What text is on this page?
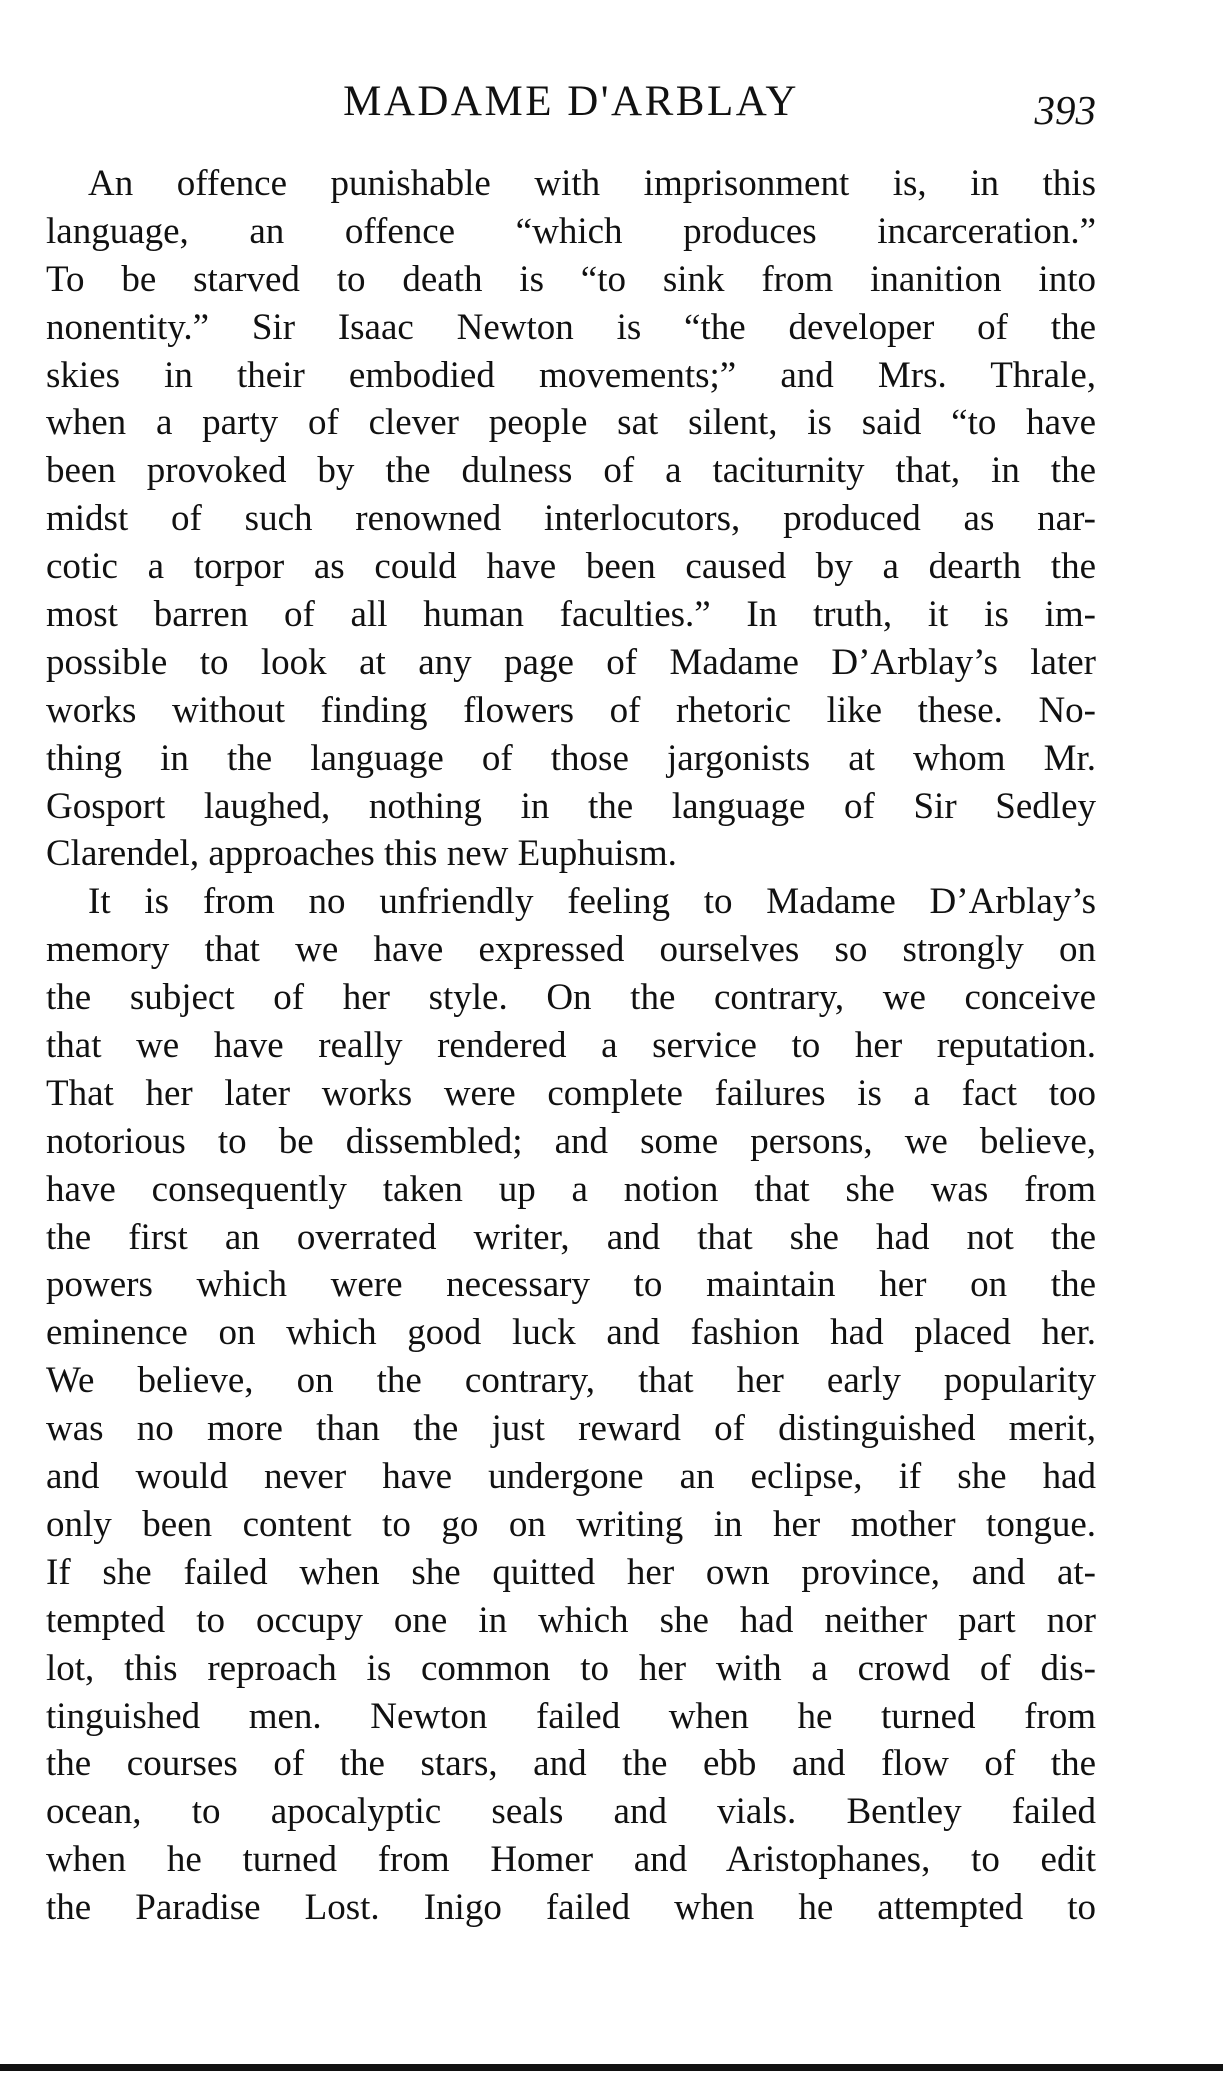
MADAME D'ARBLAY	393
An offence punishable with imprisonment is, in this
language, an offence “which produces incarceration.”
To be starved to death is “to sink from inanition into
nonentity.” Sir Isaac Newton is “the developer of the
skies in their embodied movements;” and Mrs. Thrale,
when a party of clever people sat silent, is said “to have
been provoked by the dulness of a taciturnity that, in the
midst of such renowned interlocutors, produced as nar-
cotic a torpor as could have been caused by a dearth the
most barren of all human faculties.” In truth, it is im-
possible to look at any page of Madame D’Arblay’s later
works without finding flowers of rhetoric like these. No-
thing in the language of those jargonists at whom Mr.
Gosport laughed, nothing in the language of Sir Sedley
Clarendel, approaches this new Euphuism.
It is from no unfriendly feeling to Madame D’Arblay’s
memory that we have expressed ourselves so strongly on
the subject of her style. On the contrary, we conceive
that we have really rendered a service to her reputation.
That her later works were complete failures is a fact too
notorious to be dissembled; and some persons, we believe,
have consequently taken up a notion that she was from
the first an overrated writer, and that she had not the
powers which were necessary to maintain her on the
eminence on which good luck and fashion had placed her.
We believe, on the contrary, that her early popularity
was no more than the just reward of distinguished merit,
and would never have undergone an eclipse, if she had
only been content to go on writing in her mother tongue.
If she failed when she quitted her own province, and at-
tempted to occupy one in which she had neither part nor
lot, this reproach is common to her with a crowd of dis-
tinguished men. Newton failed when he turned from
the courses of the stars, and the ebb and flow of the
ocean, to apocalyptic seals and vials. Bentley failed
when he turned from Homer and Aristophanes, to edit
the Paradise Lost. Inigo failed when he attempted to
